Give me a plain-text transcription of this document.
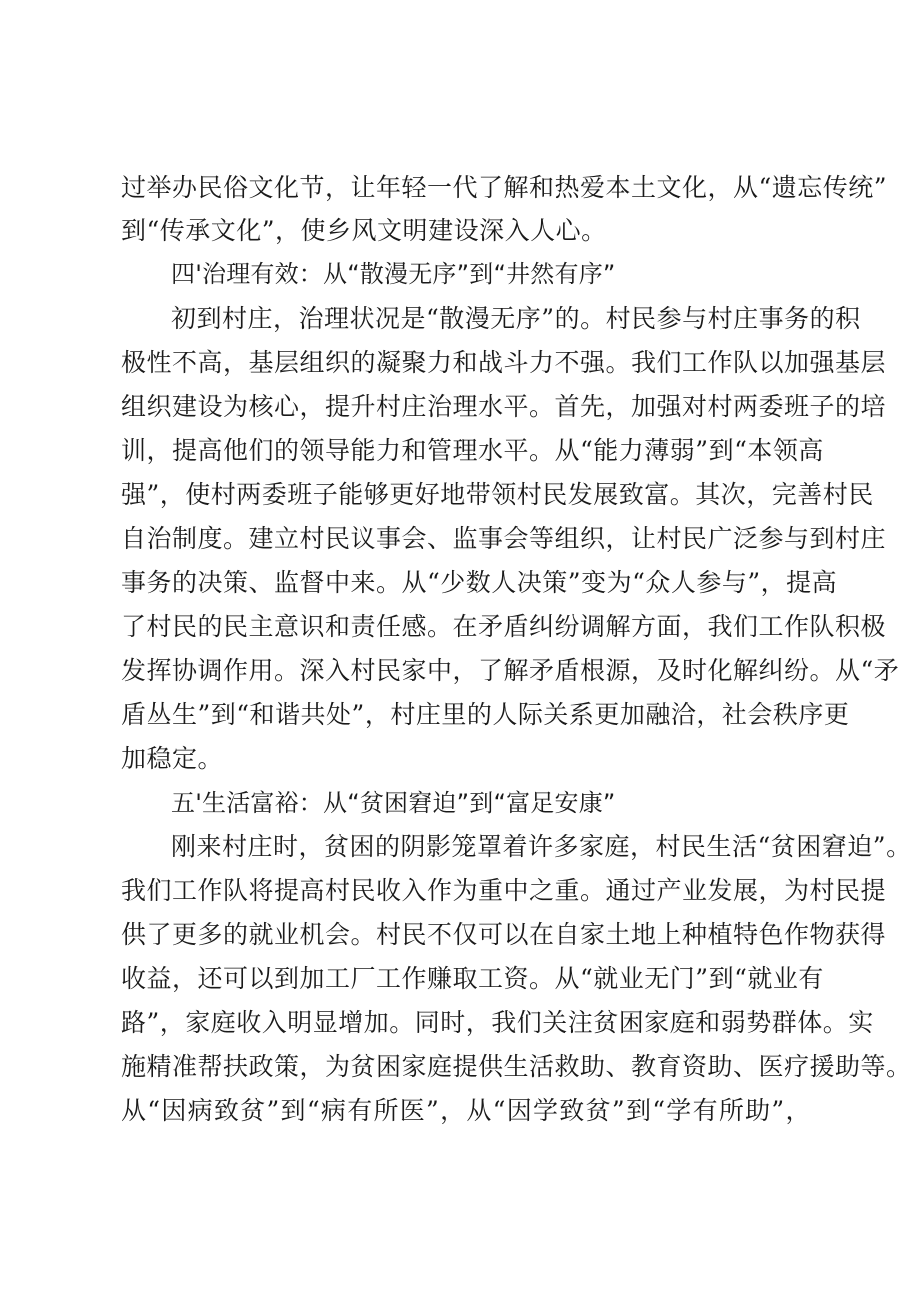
过举办民俗文化节，让年轻一代了解和热爱本土文化，从“遗忘传统”
到“传承文化”，使乡风文明建设深入人心。
四'治理有效：从“散漫无序”到“井然有序”
初到村庄，治理状况是“散漫无序”的。村民参与村庄事务的积
极性不高，基层组织的凝聚力和战斗力不强。我们工作队以加强基层
组织建设为核心，提升村庄治理水平。首先，加强对村两委班子的培
训，提高他们的领导能力和管理水平。从“能力薄弱”到“本领高
强”，使村两委班子能够更好地带领村民发展致富。其次，完善村民
自治制度。建立村民议事会、监事会等组织，让村民广泛参与到村庄
事务的决策、监督中来。从“少数人决策”变为“众人参与”，提高
了村民的民主意识和责任感。在矛盾纠纷调解方面，我们工作队积极
发挥协调作用。深入村民家中，了解矛盾根源，及时化解纠纷。从“矛
盾丛生”到“和谐共处”，村庄里的人际关系更加融洽，社会秩序更
加稳定。
五'生活富裕：从“贫困窘迫”到“富足安康”
刚来村庄时，贫困的阴影笼罩着许多家庭，村民生活“贫困窘迫”。
我们工作队将提高村民收入作为重中之重。通过产业发展，为村民提
供了更多的就业机会。村民不仅可以在自家土地上种植特色作物获得
收益，还可以到加工厂工作赚取工资。从“就业无门”到“就业有
路”，家庭收入明显增加。同时，我们关注贫困家庭和弱势群体。实
施精准帮扶政策，为贫困家庭提供生活救助、教育资助、医疗援助等。
从“因病致贫”到“病有所医”，从“因学致贫”到“学有所助”，
